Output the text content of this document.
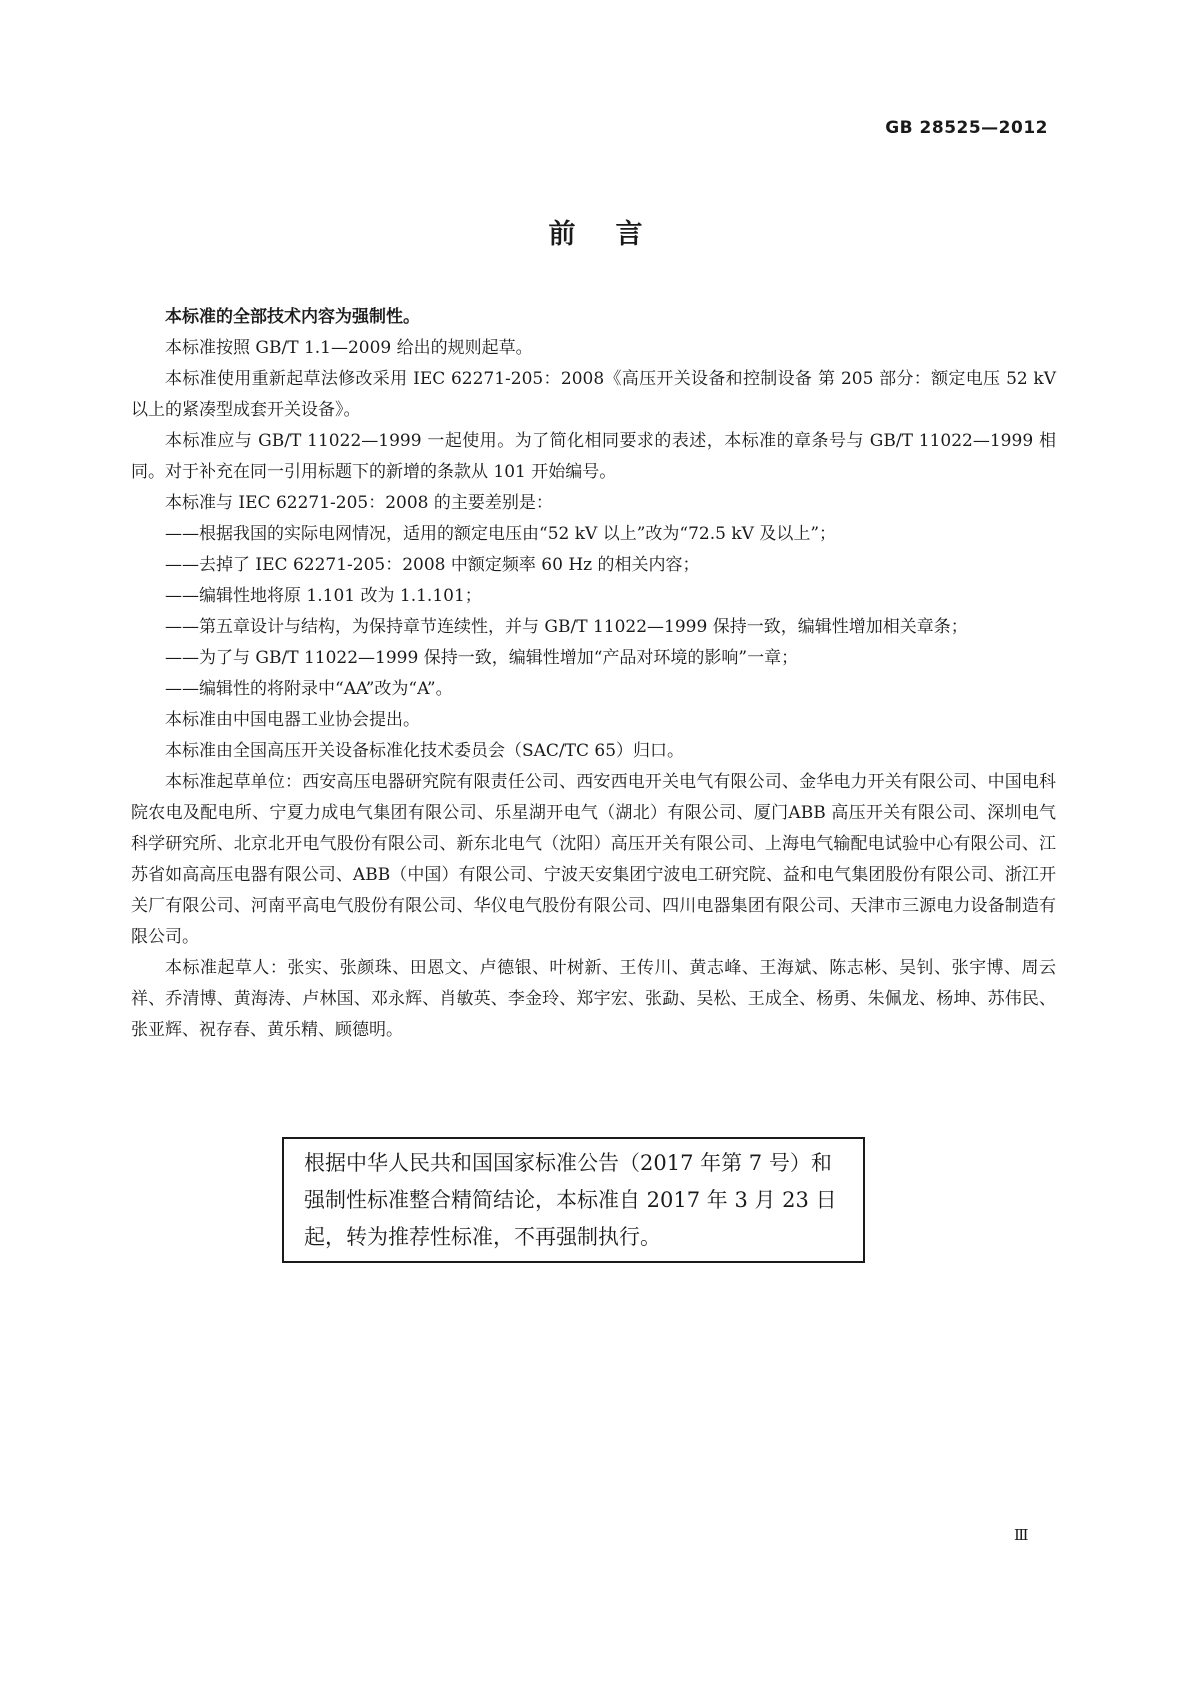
GB 28525—2012
前言

本标准的全部技术内容为强制性。

本标准按照 GB/T 1.1—2009 给出的规则起草。

本标准使用重新起草法修改采用 IEC 62271-205：2008《高压开关设备和控制设备 第 205 部分：额定电压 52 kV 以上的紧凑型成套开关设备》。

本标准应与 GB/T 11022—1999 一起使用。为了简化相同要求的表述，本标准的章条号与 GB/T 11022—1999 相同。对于补充在同一引用标题下的新增的条款从 101 开始编号。

本标准与 IEC 62271-205：2008 的主要差别是：

—— 根据我国的实际电网情况，适用的额定电压由“52 kV 以上”改为“72.5 kV 及以上”；

—— 去掉了 IEC 62271-205：2008 中额定频率 60 Hz 的相关内容；

—— 编辑性地将原 1.101 改为 1.1.101；

—— 第五章设计与结构，为保持章节连续性，并与 GB/T 11022—1999 保持一致，编辑性增加相关章条；

—— 为了与 GB/T 11022—1999 保持一致，编辑性增加“产品对环境的影响”一章；

—— 编辑性的将附录中“AA”改为“A”。

本标准由中国电器工业协会提出。

本标准由全国高压开关设备标准化技术委员会（SAC/TC 65）归口。

本标准起草单位：西安高压电器研究院有限责任公司、西安西电开关电气有限公司、金华电力开关有限公司、中国电科院农电及配电所、宁夏力成电气集团有限公司、乐星湖开电气（湖北）有限公司、厦门ABB 高压开关有限公司、深圳电气科学研究所、北京北开电气股份有限公司、新东北电气（沈阳）高压开关有限公司、上海电气输配电试验中心有限公司、江苏省如高高压电器有限公司、ABB（中国）有限公司、宁波天安集团宁波电工研究院、益和电气集团股份有限公司、浙江开关厂有限公司、河南平高电气股份有限公司、华仪电气股份有限公司、四川电器集团有限公司、天津市三源电力设备制造有限公司。

本标准起草人：张实、张颜珠、田恩文、卢德银、叶树新、王传川、黄志峰、王海斌、陈志彬、吴钊、张宇博、周云祥、乔清博、黄海涛、卢林国、邓永辉、肖敏英、李金玲、郑宇宏、张勐、吴松、王成全、杨勇、朱佩龙、杨坤、苏伟民、张亚辉、祝存春、黄乐精、顾德明。

根据中华人民共和国国家标准公告（2017 年第 7 号）和强制性标准整合精简结论，本标准自 2017 年 3 月 23 日起，转为推荐性标准，不再强制执行。
Ⅲ
